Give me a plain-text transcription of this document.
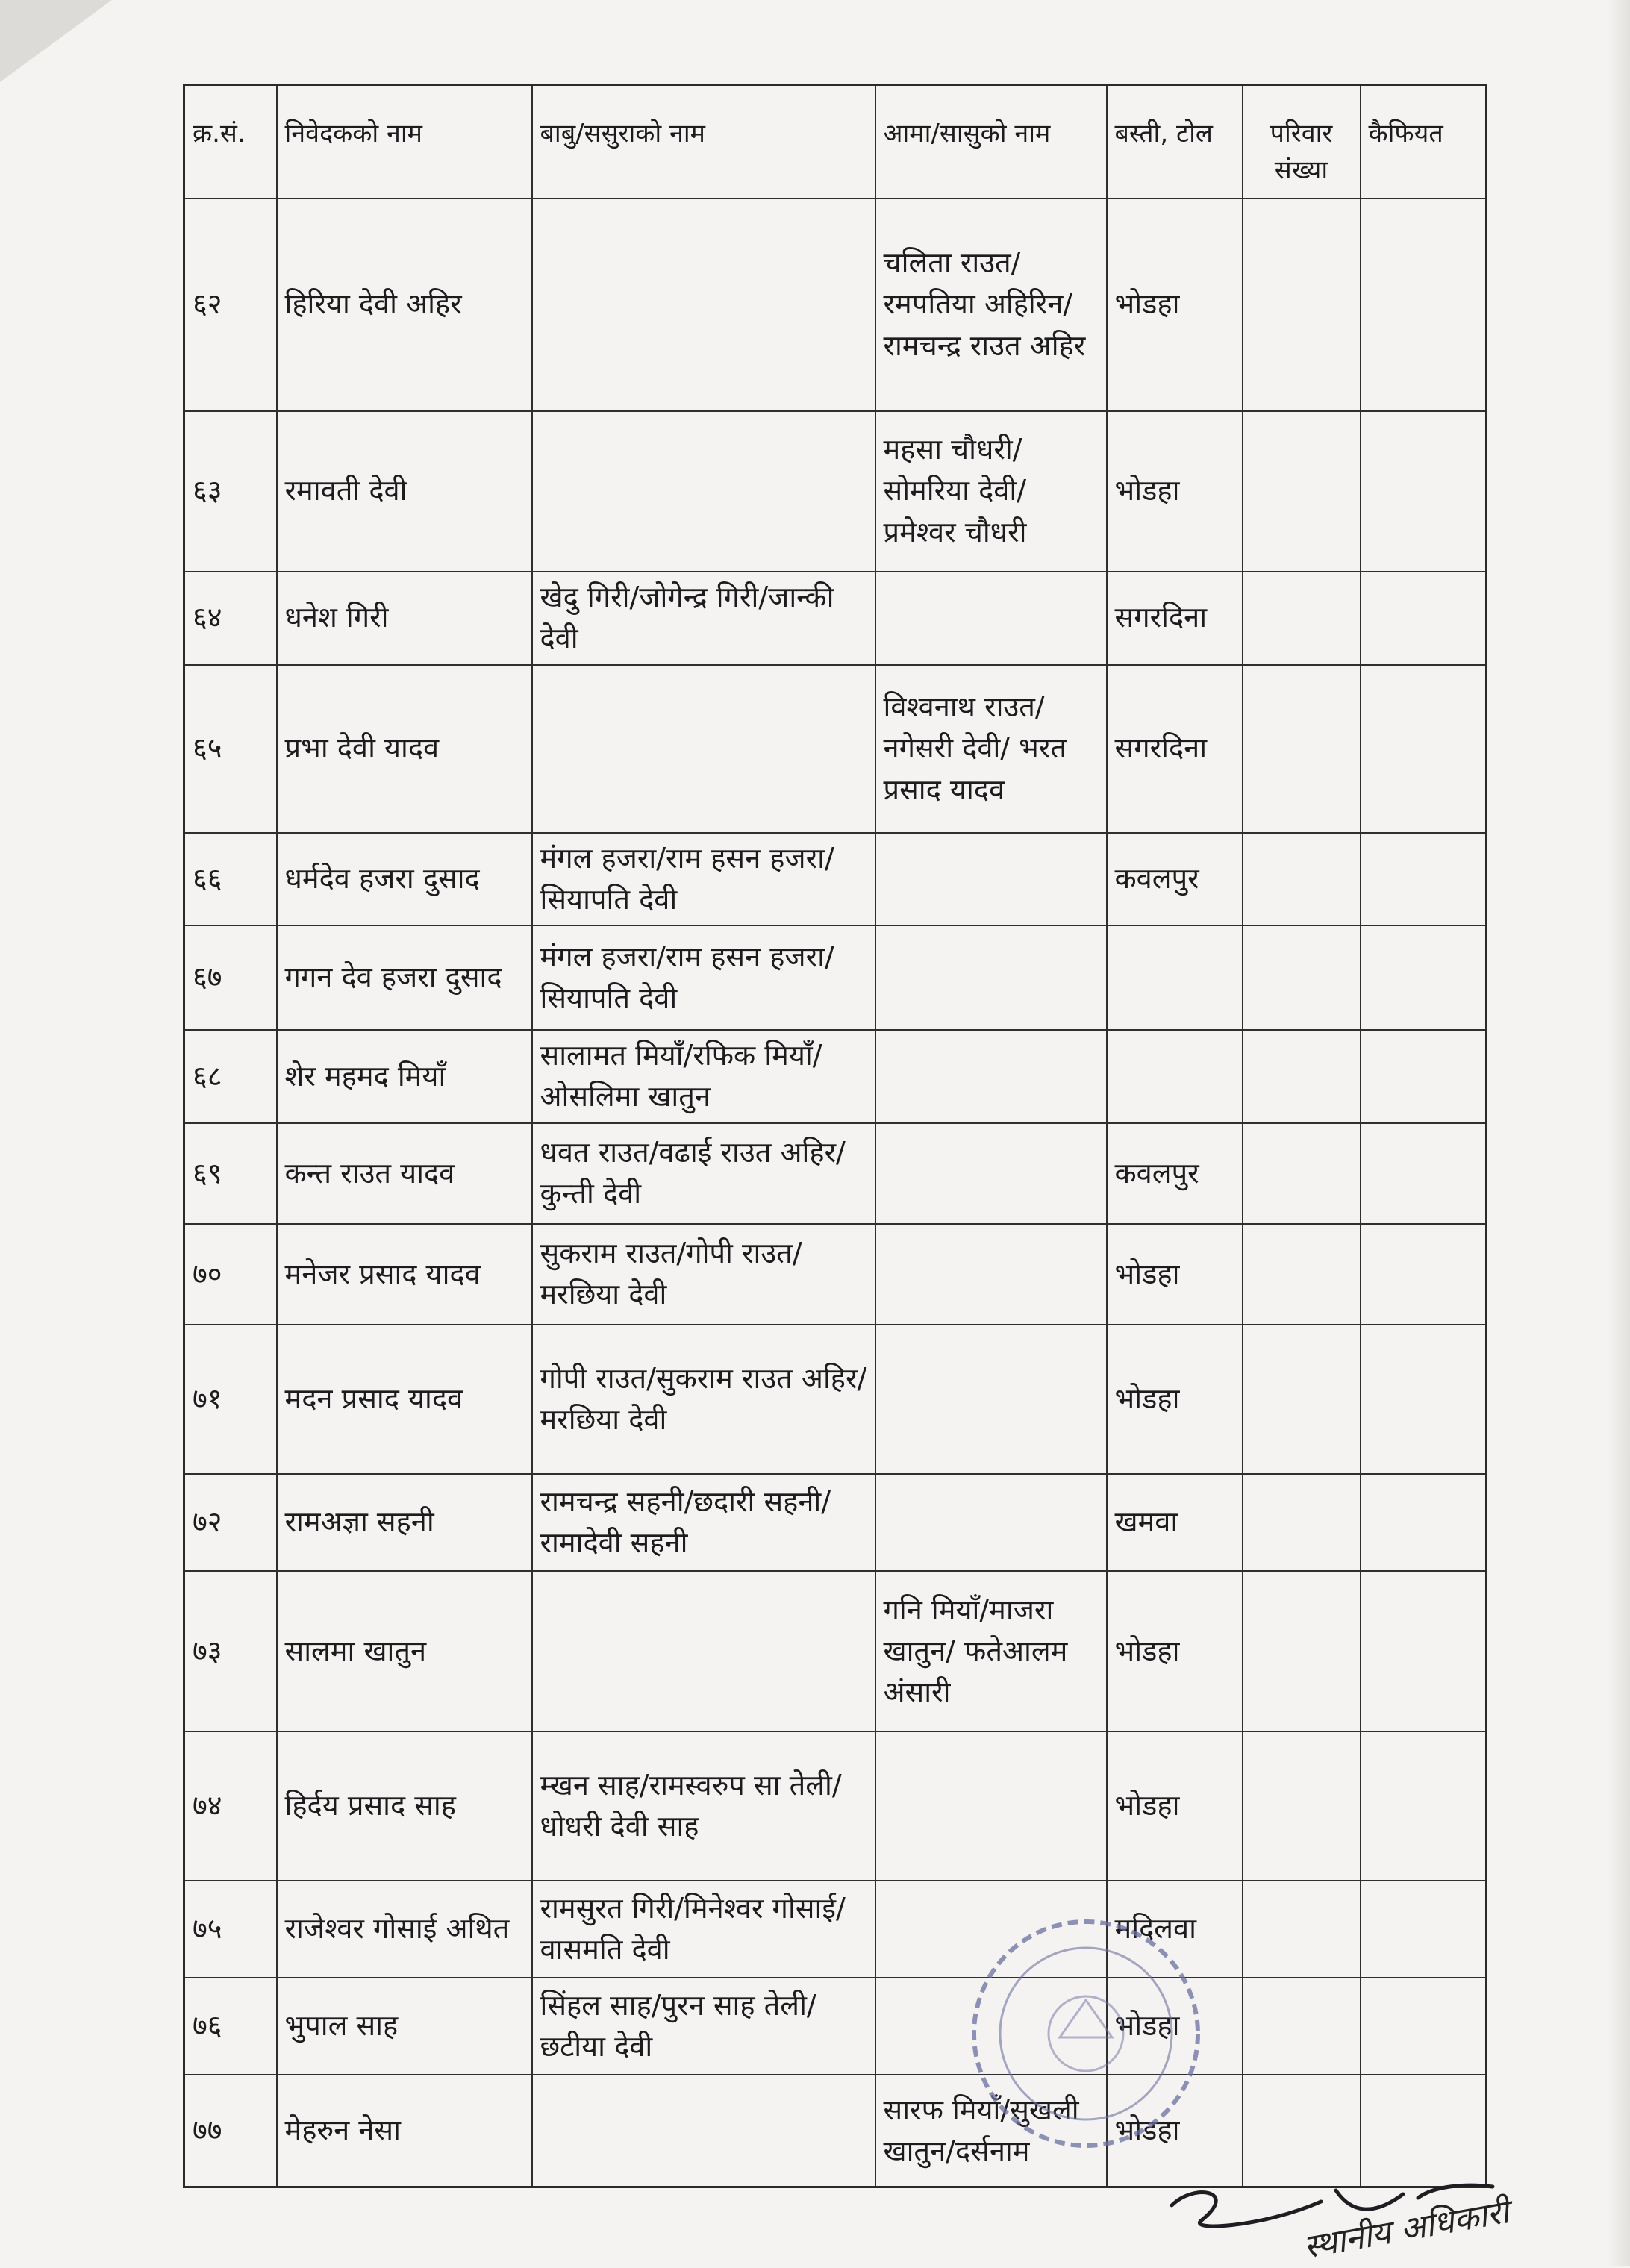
क्र.सं.	निवेदकको नाम	बाबु/ससुराको नाम	आमा/सासुको नाम	बस्ती, टोल	परिवार संख्या	कैफियत
६२	हिरिया देवी अहिर		चलिता राउत/रमपतिया अहिरिन/रामचन्द्र राउत अहिर	भोडहा		
६३	रमावती देवी		महसा चौधरी/सोमरिया देवी/ प्रमेश्वर चौधरी	भोडहा		
६४	धनेश गिरी	खेदु गिरी/जोगेन्द्र गिरी/जान्की देवी		सगरदिना		
६५	प्रभा देवी यादव		विश्वनाथ राउत/नगेसरी देवी/ भरत प्रसाद यादव	सगरदिना		
६६	धर्मदेव हजरा दुसाद	मंगल हजरा/राम हसन हजरा/सियापति देवी		कवलपुर		
६७	गगन देव हजरा दुसाद	मंगल हजरा/राम हसन हजरा/सियापति देवी				
६८	शेर महमद मियाँ	सालामत मियाँ/रफिक मियाँ/ओसलिमा खातुन				
६९	कन्त राउत यादव	धवत राउत/वढाई राउत अहिर/कुन्ती देवी		कवलपुर		
७०	मनेजर प्रसाद यादव	सुकराम राउत/गोपी राउत/ मरछिया देवी		भोडहा		
७१	मदन प्रसाद यादव	गोपी राउत/सुकराम राउत अहिर/मरछिया देवी		भोडहा		
७२	रामअज्ञा सहनी	रामचन्द्र सहनी/छदारी सहनी/रामादेवी सहनी		खमवा		
७३	सालमा खातुन		गनि मियाँ/माजरा खातुन/ फतेआलम अंसारी	भोडहा		
७४	हिर्दय प्रसाद साह	म्खन साह/रामस्वरुप सा तेली/धोधरी देवी साह		भोडहा		
७५	राजेश्वर गोसाई अथित	रामसुरत गिरी/मिनेश्वर गोसाई/वासमति देवी		मदिलवा		
७६	भुपाल साह	सिंहल साह/पुरन साह तेली/छटीया देवी		भोडहा		
७७	मेहरुन नेसा		सारफ मियाँ/सुखली खातुन/दर्सनाम	भोडहा		
स्थानीय अधिकारी
